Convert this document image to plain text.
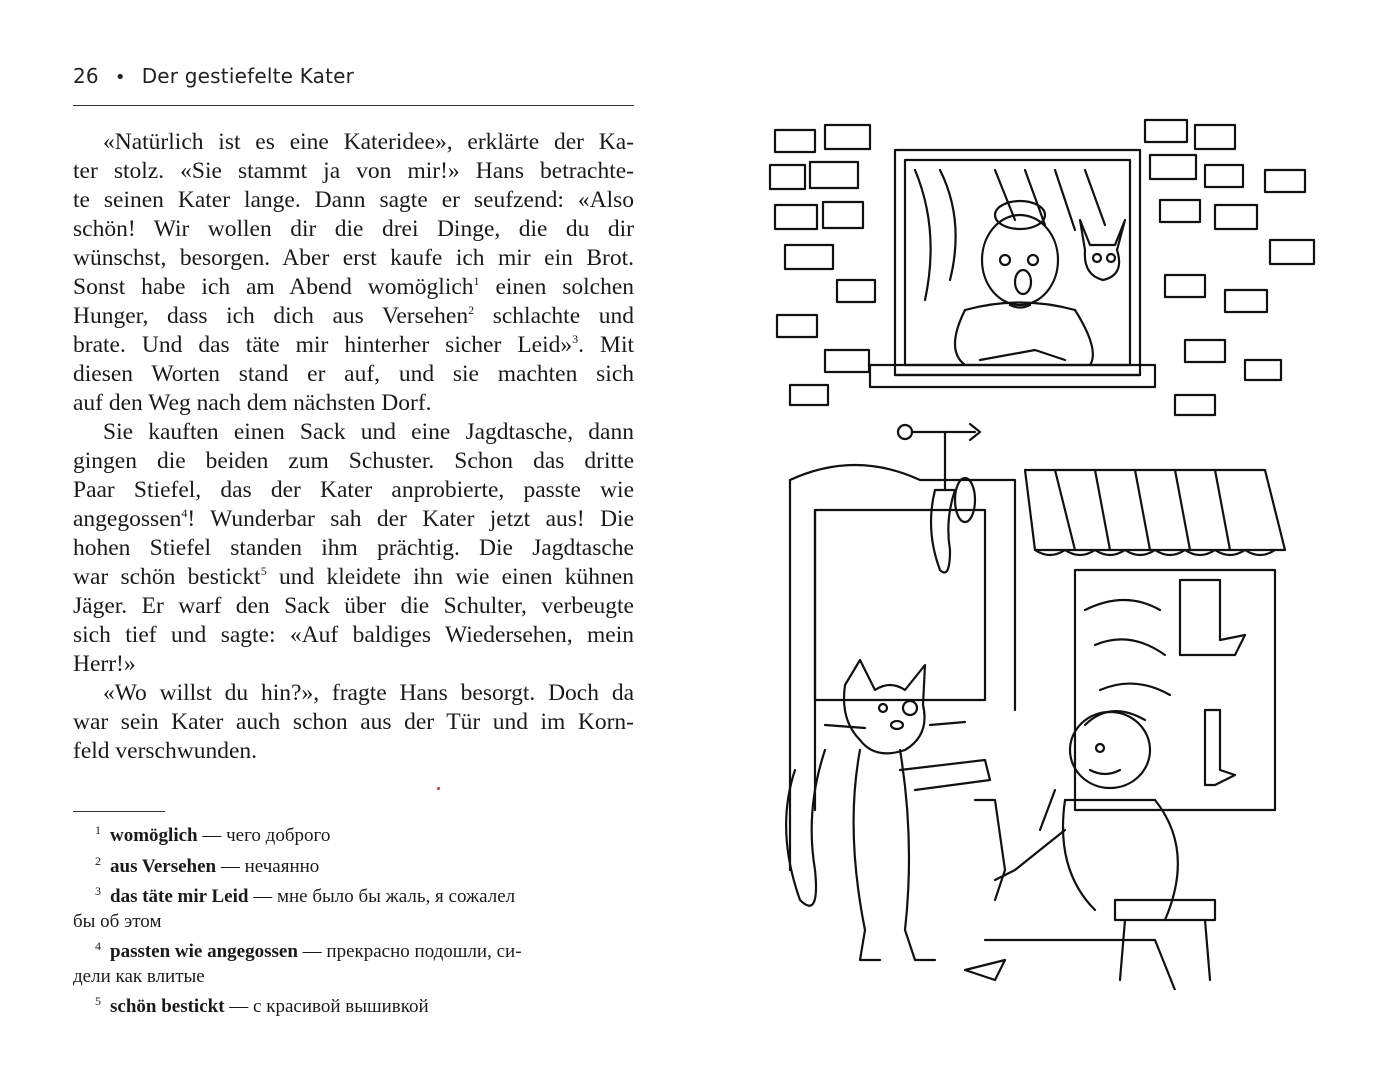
26 • Der gestiefelte Kater
«Natürlich ist es eine Kateridee», erklärte der Ka-
ter stolz. «Sie stammt ja von mir!» Hans betrachte-
te seinen Kater lange. Dann sagte er seufzend: «Also
schön! Wir wollen dir die drei Dinge, die du dir
wünschst, besorgen. Aber erst kaufe ich mir ein Brot.
Sonst habe ich am Abend womöglich$^1$ einen solchen
Hunger, dass ich dich aus Versehen$^2$ schlachte und
brate. Und das täte mir hinterher sicher Leid»$^3$. Mit
diesen Worten stand er auf, und sie machten sich
auf den Weg nach dem nächsten Dorf.
Sie kauften einen Sack und eine Jagdtasche, dann
gingen die beiden zum Schuster. Schon das dritte
Paar Stiefel, das der Kater anprobierte, passte wie
angegossen$^4$! Wunderbar sah der Kater jetzt aus! Die
hohen Stiefel standen ihm prächtig. Die Jagdtasche
war schön bestickt$^5$ und kleidete ihn wie einen kühnen
Jäger. Er warf den Sack über die Schulter, verbeugte
sich tief und sagte: «Auf baldiges Wiedersehen, mein
Herr!»
«Wo willst du hin?», fragte Hans besorgt. Doch da
war sein Kater auch schon aus der Tür und im Korn-
feld verschwunden.
$^1$ womöglich — чего доброго
$^2$ aus Versehen — нечаянно
$^3$ das täte mir Leid — мне было бы жаль, я сожалел
бы об этом
$^4$ passten wie angegossen — прекрасно подошли, си-
дели как влитые
$^5$ schön bestickt — с красивой вышивкой
